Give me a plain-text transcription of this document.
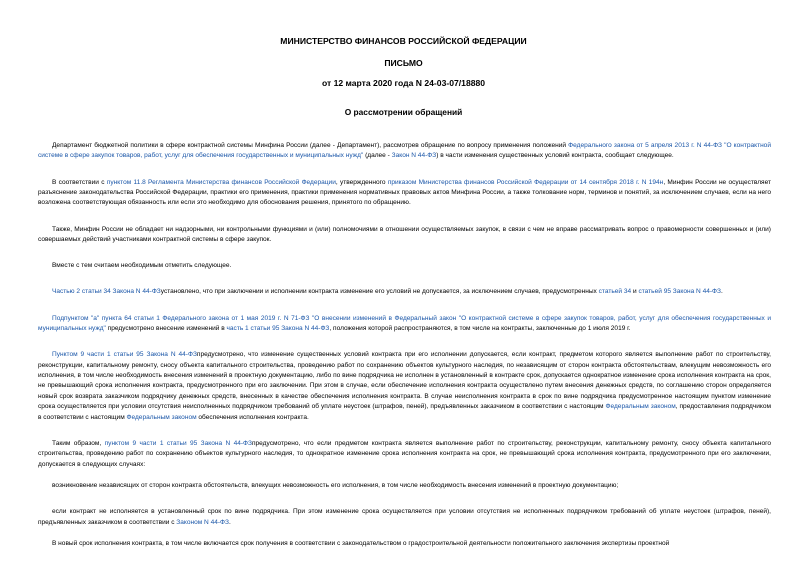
МИНИСТЕРСТВО ФИНАНСОВ РОССИЙСКОЙ ФЕДЕРАЦИИ
ПИСЬМО
от 12 марта 2020 года N 24-03-07/18880
О рассмотрении обращений

Департамент бюджетной политики в сфере контрактной системы Минфина России (далее - Департамент), рассмотрев обращение по вопросу применения положений Федерального закона от 5 апреля 2013 г. N 44-ФЗ "О контрактной системе в сфере закупок товаров, работ, услуг для обеспечения государственных и муниципальных нужд" (далее - Закон N 44-ФЗ) в части изменения существенных условий контракта, сообщает следующее.

В соответствии с пунктом 11.8 Регламента Министерства финансов Российской Федерации, утвержденного приказом Министерства финансов Российской Федерации от 14 сентября 2018 г. N 194н, Минфин России не осуществляет разъяснение законодательства Российской Федерации, практики его применения, практики применения нормативных правовых актов Минфина России, а также толкование норм, терминов и понятий, за исключением случаев, если на него возложена соответствующая обязанность или если это необходимо для обоснования решения, принятого по обращению.

Также, Минфин России не обладает ни надзорными, ни контрольными функциями и (или) полномочиями в отношении осуществляемых закупок, в связи с чем не вправе рассматривать вопрос о правомерности совершенных и (или) совершаемых действий участниками контрактной системы в сфере закупок.

Вместе с тем считаем необходимым отметить следующее.

Частью 2 статьи 34 Закона N 44-ФЗустановлено, что при заключении и исполнении контракта изменение его условий не допускается, за исключением случаев, предусмотренных статьей 34 и статьей 95 Закона N 44-ФЗ.

Подпунктом "а" пункта 64 статьи 1 Федерального закона от 1 мая 2019 г. N 71-ФЗ "О внесении изменений в Федеральный закон "О контрактной системе в сфере закупок товаров, работ, услуг для обеспечения государственных и муниципальных нужд" предусмотрено внесение изменений в часть 1 статьи 95 Закона N 44-ФЗ, положения которой распространяются, в том числе на контракты, заключенные до 1 июля 2019 г.

Пунктом 9 части 1 статьи 95 Закона N 44-ФЗпредусмотрено, что изменение существенных условий контракта при его исполнении допускается, если контракт, предметом которого является выполнение работ по строительству, реконструкции, капитальному ремонту, сносу объекта капитального строительства, проведению работ по сохранению объектов культурного наследия, по независящим от сторон контракта обстоятельствам, влекущим невозможность его исполнения, в том числе необходимость внесения изменений в проектную документацию, либо по вине подрядчика не исполнен в установленный в контракте срок, допускается однократное изменение срока исполнения контракта на срок, не превышающий срока исполнения контракта, предусмотренного при его заключении. При этом в случае, если обеспечение исполнения контракта осуществлено путем внесения денежных средств, по соглашению сторон определяется новый срок возврата заказчиком подрядчику денежных средств, внесенных в качестве обеспечения исполнения контракта. В случае неисполнения контракта в срок по вине подрядчика предусмотренное настоящим пунктом изменение срока осуществляется при условии отсутствия неисполненных подрядчиком требований об уплате неустоек (штрафов, пеней), предъявленных заказчиком в соответствии с настоящим Федеральным законом, предоставления подрядчиком в соответствии с настоящим Федеральным законом обеспечения исполнения контракта.

Таким образом, пунктом 9 части 1 статьи 95 Закона N 44-ФЗпредусмотрено, что если предметом контракта является выполнение работ по строительству, реконструкции, капитальному ремонту, сносу объекта капитального строительства, проведению работ по сохранению объектов культурного наследия, то однократное изменение срока исполнения контракта на срок, не превышающий срока исполнения контракта, предусмотренного при его заключении, допускается в следующих случаях:

возникновение независящих от сторон контракта обстоятельств, влекущих невозможность его исполнения, в том числе необходимость внесения изменений в проектную документацию;

если контракт не исполняется в установленный срок по вине подрядчика. При этом изменение срока осуществляется при условии отсутствия не исполненных подрядчиком требований об уплате неустоек (штрафов, пеней), предъявленных заказчиком в соответствии с Законом N 44-ФЗ.

В новый срок исполнения контракта, в том числе включается срок получения в соответствии с законодательством о градостроительной деятельности положительного заключения экспертизы проектной
